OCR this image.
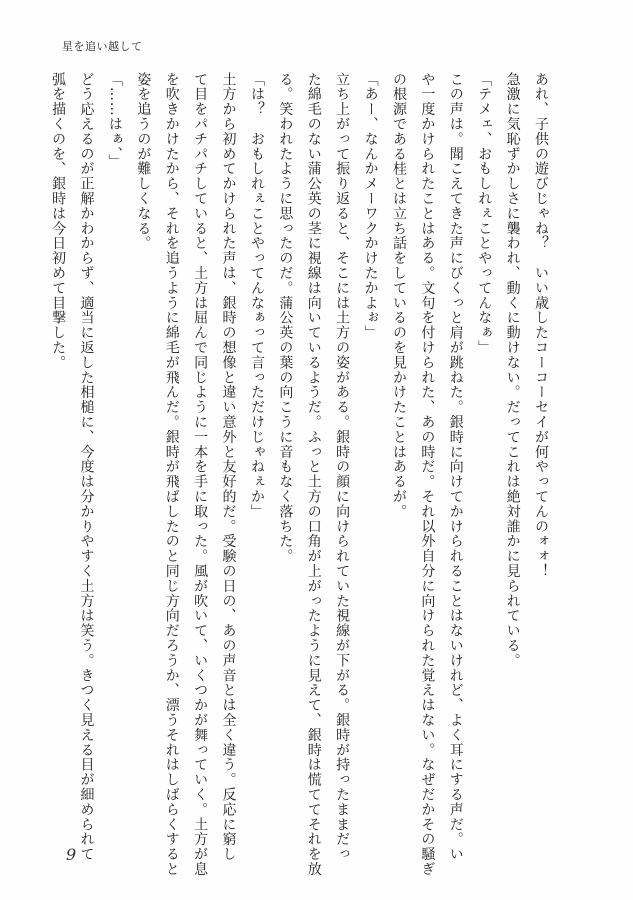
星を追い越して

あれ、子供の遊びじゃね？　いい歳したコーコーセイが何やってんのォォ！

急激に気恥ずかしさに襲われ、動くに動けない。だってこれは絶対誰かに見られている。

「テメェ、おもしれぇことやってんなぁ」

この声は。聞こえてきた声にびくっと肩が跳ねた。銀時に向けてかけられることはないけれど、よく耳にする声だ。い

や一度かけられたことはある。文句を付けられた、あの時だ。それ以外自分に向けられた覚えはない。なぜだかその騒ぎ

の根源である桂とは立ち話をしているのを見かけたことはあるが。

「あー、なんかメーワクかけたかよぉ」

立ち上がって振り返ると、そこには土方の姿がある。銀時の顔に向けられていた視線が下がる。銀時が持ったままだっ

た綿毛のない蒲公英の茎に視線は向いているようだ。ふっと土方の口角が上がったように見えて、銀時は慌ててそれを放

る。笑われたように思ったのだ。蒲公英の葉の向こうに音もなく落ちた。

「は？　おもしれぇことやってんなぁって言っただけじゃねぇか」

土方から初めてかけられた声は、銀時の想像と違い意外と友好的だ。受験の日の、あの声音とは全く違う。反応に窮し

て目をパチパチしていると、土方は屈んで同じように一本を手に取った。風が吹いて、いくつかが舞っていく。土方が息

を吹きかけたから、それを追うように綿毛が飛んだ。銀時が飛ばしたのと同じ方向だろうか、漂うそれはしばらくすると

姿を追うのが難しくなる。

「……はぁ、」

どう応えるのが正解かわからず、適当に返した相槌に、今度は分かりやすく土方は笑う。きつく見える目が細められて

弧を描くのを、銀時は今日初めて目撃した。

9
